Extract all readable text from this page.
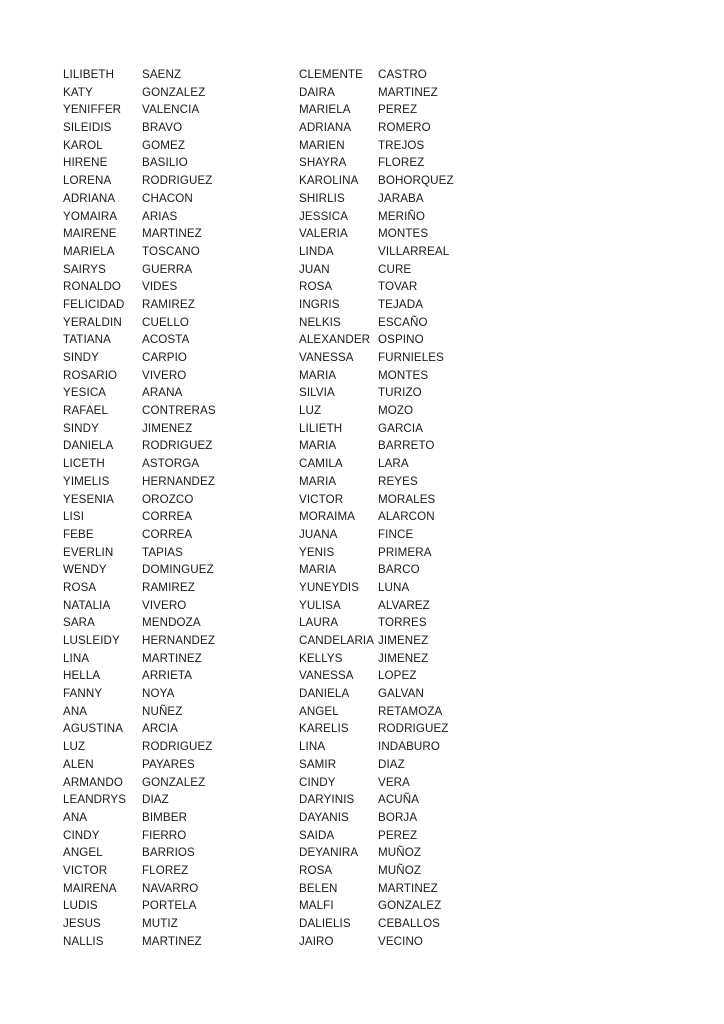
LILIBETH	SAENZ
KATY	GONZALEZ
YENIFFER	VALENCIA
SILEIDIS	BRAVO
KAROL	GOMEZ
HIRENE	BASILIO
LORENA	RODRIGUEZ
ADRIANA	CHACON
YOMAIRA	ARIAS
MAIRENE	MARTINEZ
MARIELA	TOSCANO
SAIRYS	GUERRA
RONALDO	VIDES
FELICIDAD	RAMIREZ
YERALDIN	CUELLO
TATIANA	ACOSTA
SINDY	CARPIO
ROSARIO	VIVERO
YESICA	ARANA
RAFAEL	CONTRERAS
SINDY	JIMENEZ
DANIELA	RODRIGUEZ
LICETH	ASTORGA
YIMELIS	HERNANDEZ
YESENIA	OROZCO
LISI	CORREA
FEBE	CORREA
EVERLIN	TAPIAS
WENDY	DOMINGUEZ
ROSA	RAMIREZ
NATALIA	VIVERO
SARA	MENDOZA
LUSLEIDY	HERNANDEZ
LINA	MARTINEZ
HELLA	ARRIETA
FANNY	NOYA
ANA	NUÑEZ
AGUSTINA	ARCIA
LUZ	RODRIGUEZ
ALEN	PAYARES
ARMANDO	GONZALEZ
LEANDRYS	DIAZ
ANA	BIMBER
CINDY	FIERRO
ANGEL	BARRIOS
VICTOR	FLOREZ
MAIRENA	NAVARRO
LUDIS	PORTELA
JESUS	MUTIZ
NALLIS	MARTINEZ
CLEMENTE	CASTRO
DAIRA	MARTINEZ
MARIELA	PEREZ
ADRIANA	ROMERO
MARIEN	TREJOS
SHAYRA	FLOREZ
KAROLINA	BOHORQUEZ
SHIRLIS	JARABA
JESSICA	MERIÑO
VALERIA	MONTES
LINDA	VILLARREAL
JUAN	CURE
ROSA	TOVAR
INGRIS	TEJADA
NELKIS	ESCAÑO
ALEXANDER OSPINO
VANESSA	FURNIELES
MARIA	MONTES
SILVIA	TURIZO
LUZ	MOZO
LILIETH	GARCIA
MARIA	BARRETO
CAMILA	LARA
MARIA	REYES
VICTOR	MORALES
MORAIMA	ALARCON
JUANA	FINCE
YENIS	PRIMERA
MARIA	BARCO
YUNEYDIS	LUNA
YULISA	ALVAREZ
LAURA	TORRES
CANDELARIA JIMENEZ
KELLYS	JIMENEZ
VANESSA	LOPEZ
DANIELA	GALVAN
ANGEL	RETAMOZA
KARELIS	RODRIGUEZ
LINA	INDABURO
SAMIR	DIAZ
CINDY	VERA
DARYINIS	ACUÑA
DAYANIS	BORJA
SAIDA	PEREZ
DEYANIRA	MUÑOZ
ROSA	MUÑOZ
BELEN	MARTINEZ
MALFI	GONZALEZ
DALIELIS	CEBALLOS
JAIRO	VECINO
